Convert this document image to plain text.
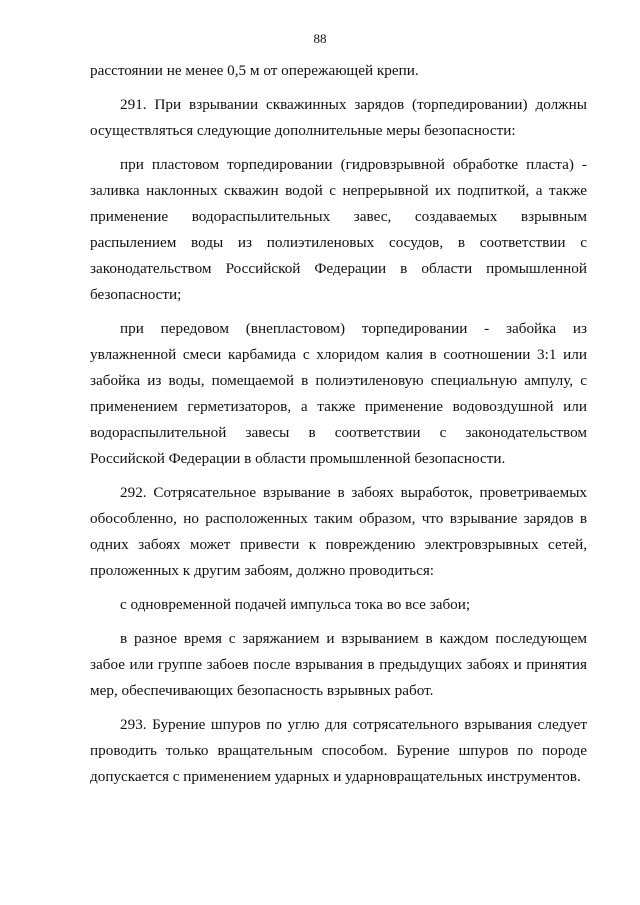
88

расстоянии не менее 0,5 м от опережающей крепи.

291. При взрывании скважинных зарядов (торпедировании) должны осуществляться следующие дополнительные меры безопасности:

при пластовом торпедировании (гидровзрывной обработке пласта) - заливка наклонных скважин водой с непрерывной их подпиткой, а также применение водораспылительных завес, создаваемых взрывным распылением воды из полиэтиленовых сосудов, в соответствии с законодательством Российской Федерации в области промышленной безопасности;

при передовом (внепластовом) торпедировании - забойка из увлажненной смеси карбамида с хлоридом калия в соотношении 3:1 или забойка из воды, помещаемой в полиэтиленовую специальную ампулу, с применением герметизаторов, а также применение водовоздушной или водораспылительной завесы в соответствии с законодательством Российской Федерации в области промышленной безопасности.

292. Сотрясательное взрывание в забоях выработок, проветриваемых обособленно, но расположенных таким образом, что взрывание зарядов в одних забоях может привести к повреждению электровзрывных сетей, проложенных к другим забоям, должно проводиться:

с одновременной подачей импульса тока во все забои;

в разное время с заряжанием и взрыванием в каждом последующем забое или группе забоев после взрывания в предыдущих забоях и принятия мер, обеспечивающих безопасность взрывных работ.

293. Бурение шпуров по углю для сотрясательного взрывания следует проводить только вращательным способом. Бурение шпуров по породе допускается с применением ударных и ударновращательных инструментов.
